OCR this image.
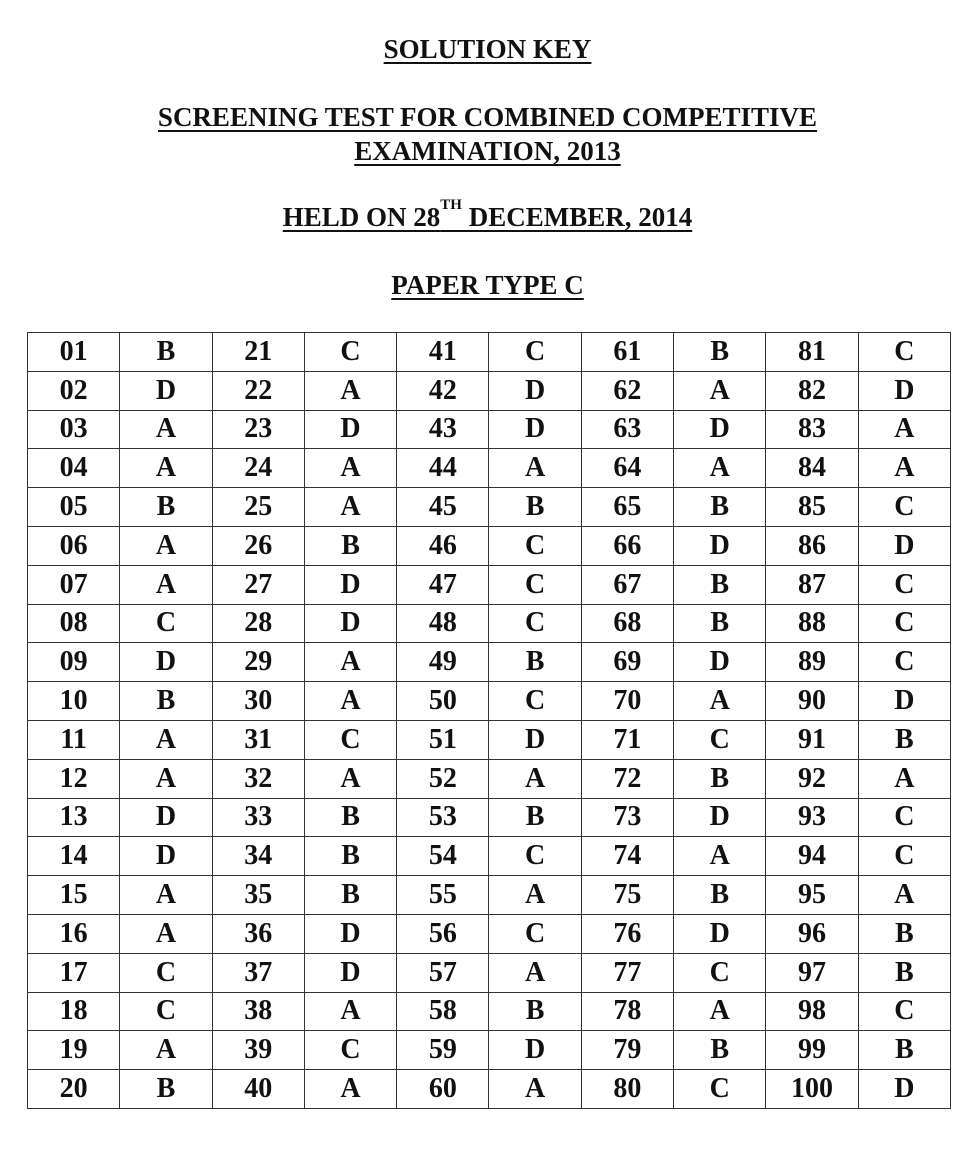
SOLUTION KEY
SCREENING TEST FOR COMBINED COMPETITIVE
EXAMINATION, 2013
HELD ON 28TH DECEMBER, 2014
PAPER TYPE C
01	B	21	C	41	C	61	B	81	C
02	D	22	A	42	D	62	A	82	D
03	A	23	D	43	D	63	D	83	A
04	A	24	A	44	A	64	A	84	A
05	B	25	A	45	B	65	B	85	C
06	A	26	B	46	C	66	D	86	D
07	A	27	D	47	C	67	B	87	C
08	C	28	D	48	C	68	B	88	C
09	D	29	A	49	B	69	D	89	C
10	B	30	A	50	C	70	A	90	D
11	A	31	C	51	D	71	C	91	B
12	A	32	A	52	A	72	B	92	A
13	D	33	B	53	B	73	D	93	C
14	D	34	B	54	C	74	A	94	C
15	A	35	B	55	A	75	B	95	A
16	A	36	D	56	C	76	D	96	B
17	C	37	D	57	A	77	C	97	B
18	C	38	A	58	B	78	A	98	C
19	A	39	C	59	D	79	B	99	B
20	B	40	A	60	A	80	C	100	D
